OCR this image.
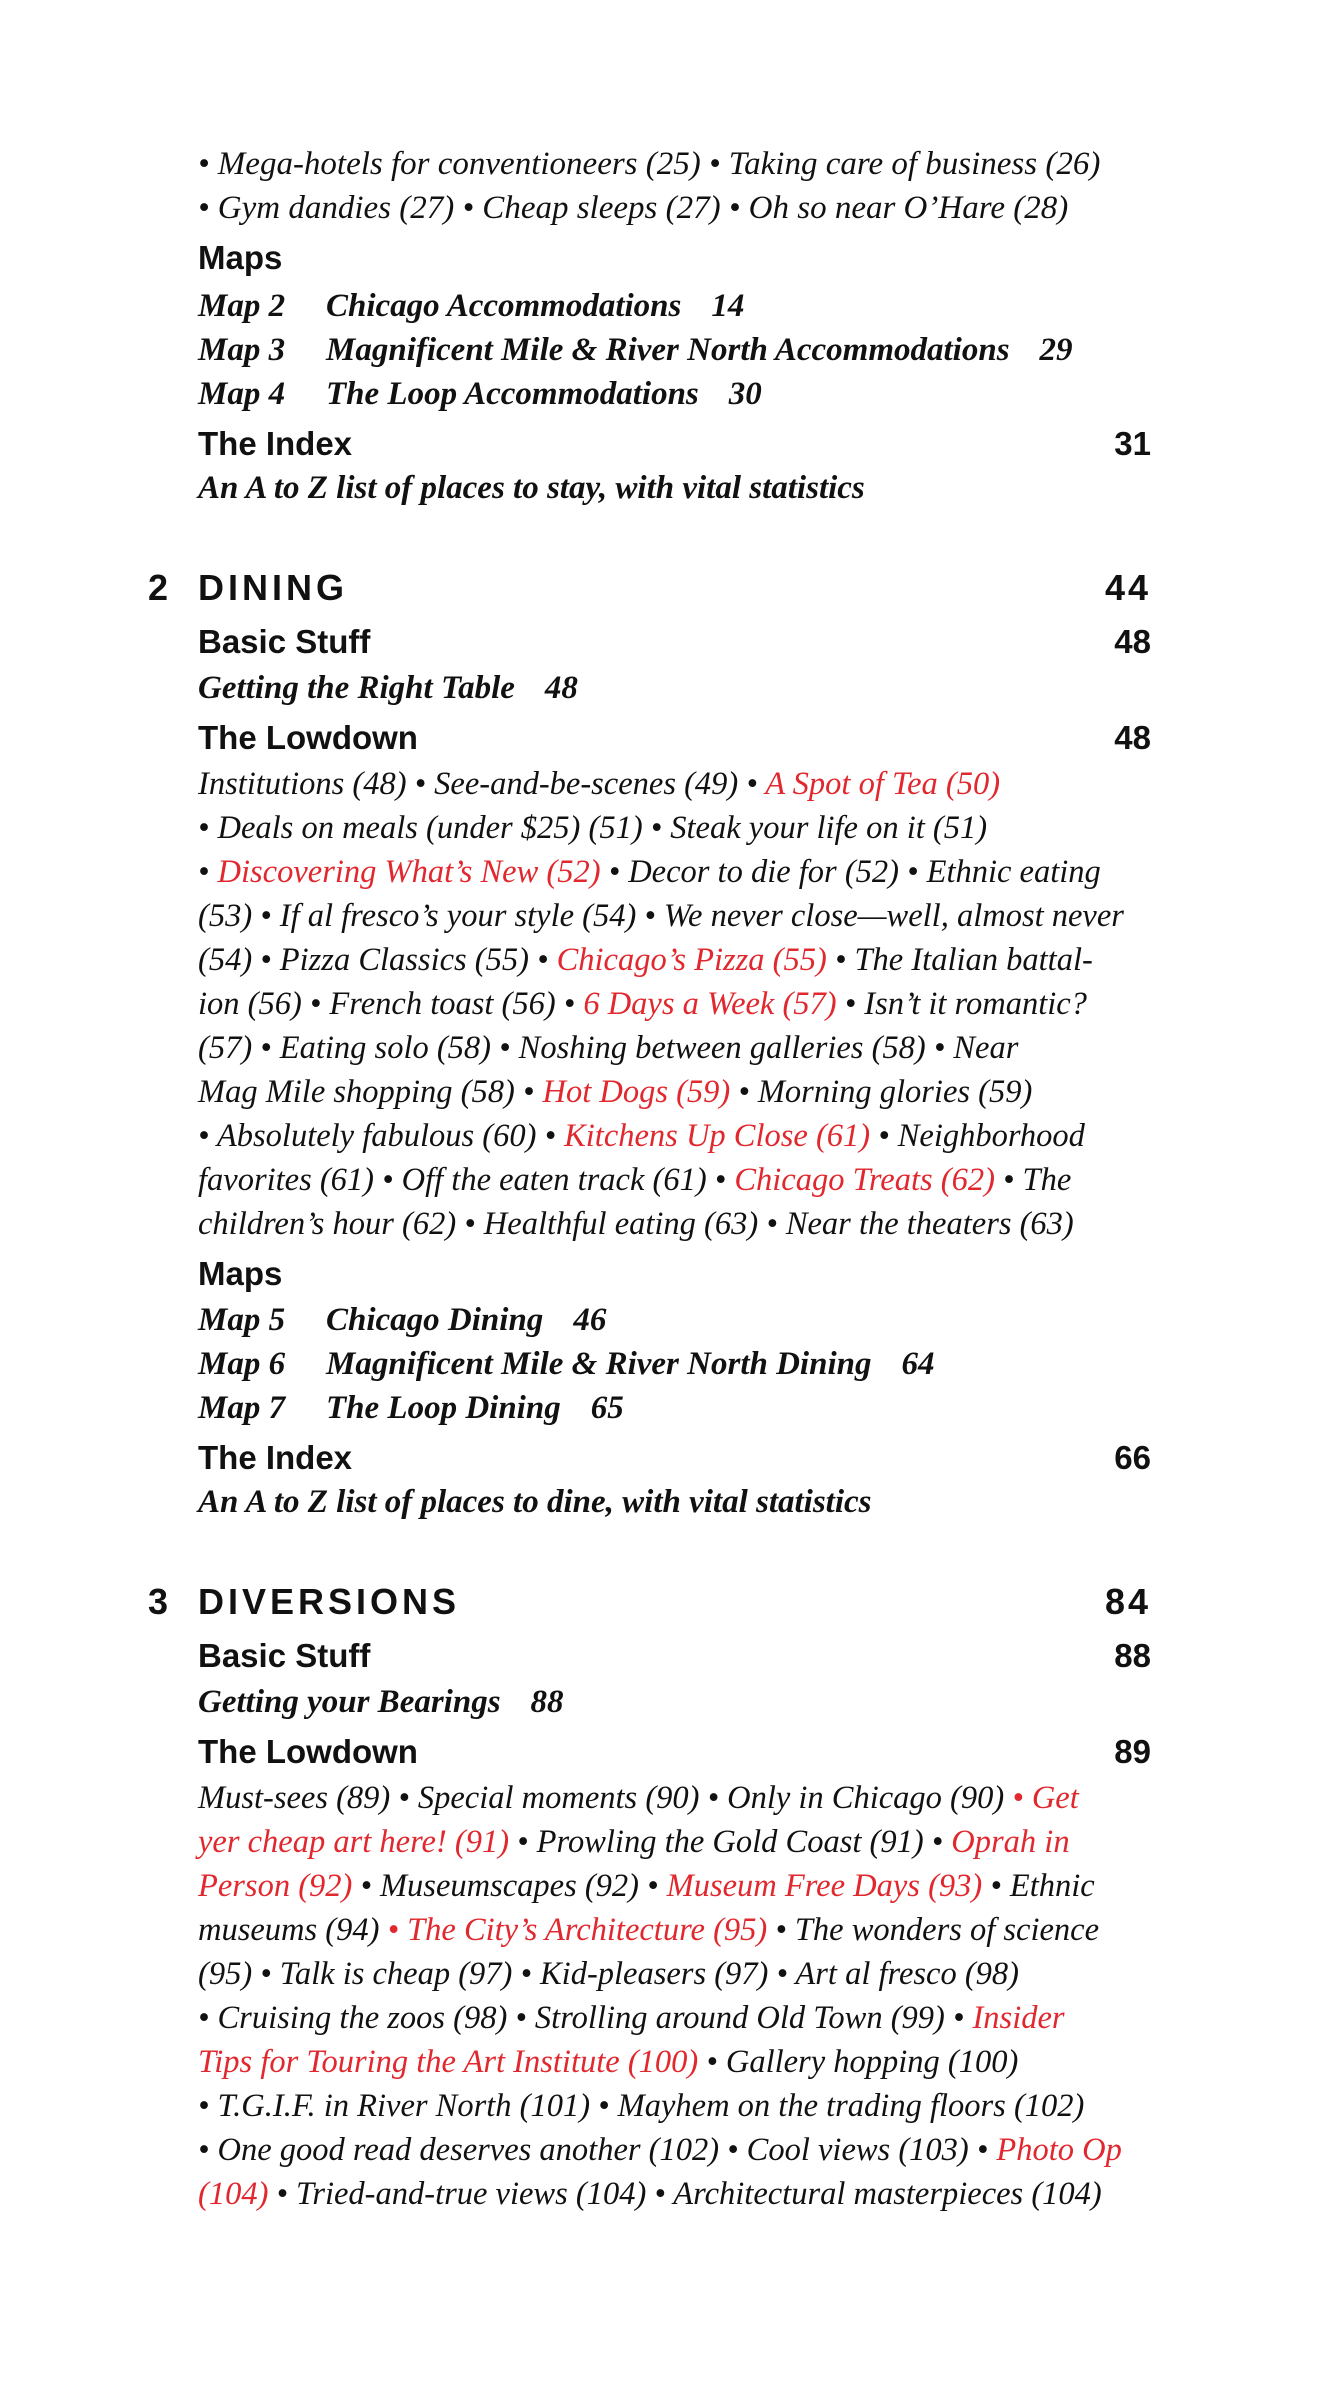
• Mega-hotels for conventioneers (25) • Taking care of business (26)
• Gym dandies (27) • Cheap sleeps (27) • Oh so near O’Hare (28)
Maps
Map 2 Chicago Accommodations 14
Map 3 Magnificent Mile & River North Accommodations 29
Map 4 The Loop Accommodations 30
The Index	31
An A to Z list of places to stay, with vital statistics
2 DINING	44
Basic Stuff	48
Getting the Right Table 48
The Lowdown	48
Institutions (48) • See-and-be-scenes (49) • A Spot of Tea (50)
• Deals on meals (under $25) (51) • Steak your life on it (51)
• Discovering What’s New (52) • Decor to die for (52) • Ethnic eating
(53) • If al fresco’s your style (54) • We never close—well, almost never
(54) • Pizza Classics (55) • Chicago’s Pizza (55) • The Italian battal-
ion (56) • French toast (56) • 6 Days a Week (57) • Isn’t it romantic?
(57) • Eating solo (58) • Noshing between galleries (58) • Near
Mag Mile shopping (58) • Hot Dogs (59) • Morning glories (59)
• Absolutely fabulous (60) • Kitchens Up Close (61) • Neighborhood
favorites (61) • Off the eaten track (61) • Chicago Treats (62) • The
children’s hour (62) • Healthful eating (63) • Near the theaters (63)
Maps
Map 5 Chicago Dining 46
Map 6 Magnificent Mile & River North Dining 64
Map 7 The Loop Dining 65
The Index	66
An A to Z list of places to dine, with vital statistics
3 DIVERSIONS	84
Basic Stuff	88
Getting your Bearings 88
The Lowdown	89
Must-sees (89) • Special moments (90) • Only in Chicago (90) • Get
yer cheap art here! (91) • Prowling the Gold Coast (91) • Oprah in
Person (92) • Museumscapes (92) • Museum Free Days (93) • Ethnic
museums (94) • The City’s Architecture (95) • The wonders of science
(95) • Talk is cheap (97) • Kid-pleasers (97) • Art al fresco (98)
• Cruising the zoos (98) • Strolling around Old Town (99) • Insider
Tips for Touring the Art Institute (100) • Gallery hopping (100)
• T.G.I.F. in River North (101) • Mayhem on the trading floors (102)
• One good read deserves another (102) • Cool views (103) • Photo Op
(104) • Tried-and-true views (104) • Architectural masterpieces (104)
